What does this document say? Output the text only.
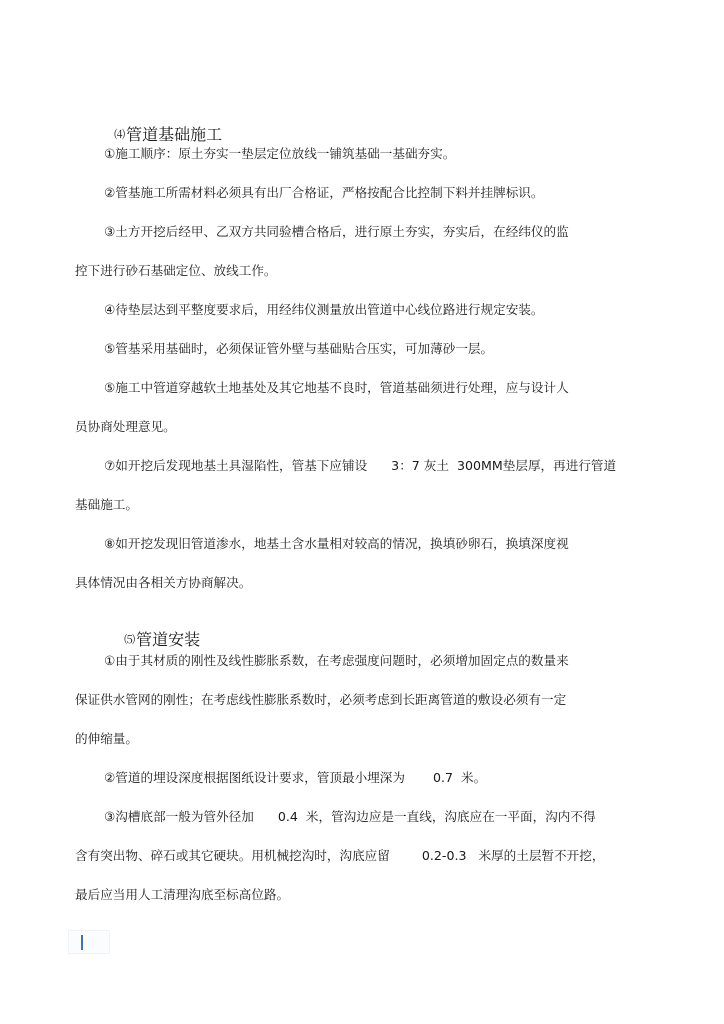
⑷管道基础施工

①施工顺序：原土夯实一垫层定位放线一铺筑基础一基础夯实。
②管基施工所需材料必须具有出厂合格证，严格按配合比控制下料并挂牌标识。
③土方开挖后经甲、乙双方共同验槽合格后，进行原土夯实，夯实后，在经纬仪的监
控下进行砂石基础定位、放线工作。
④待垫层达到平整度要求后，用经纬仪测量放出管道中心线位路进行规定安装。
⑤管基采用基础时，必须保证管外壁与基础贴合压实，可加薄砂一层。
⑤施工中管道穿越软土地基处及其它地基不良时，管道基础须进行处理，应与设计人
员协商处理意见。
⑦如开挖后发现地基土具湿陷性，管基下应铺设      3：7 灰土  300MM垫层厚，再进行管道
基础施工。
⑧如开挖发现旧管道渗水，地基土含水量相对较高的情况，换填砂卵石，换填深度视
具体情况由各相关方协商解决。

⑸管道安装

①由于其材质的刚性及线性膨胀系数，在考虑强度问题时，必须增加固定点的数量来
保证供水管网的刚性；在考虑线性膨胀系数时，必须考虑到长距离管道的敷设必须有一定
的伸缩量。
②管道的埋设深度根据图纸设计要求，管顶最小埋深为       0.7  米。
③沟槽底部一般为管外径加      0.4  米，管沟边应是一直线，沟底应在一平面，沟内不得
含有突出物、碎石或其它硬块。用机械挖沟时，沟底应留        0.2-0.3   米厚的土层暂不开挖，
最后应当用人工清理沟底至标高位路。
